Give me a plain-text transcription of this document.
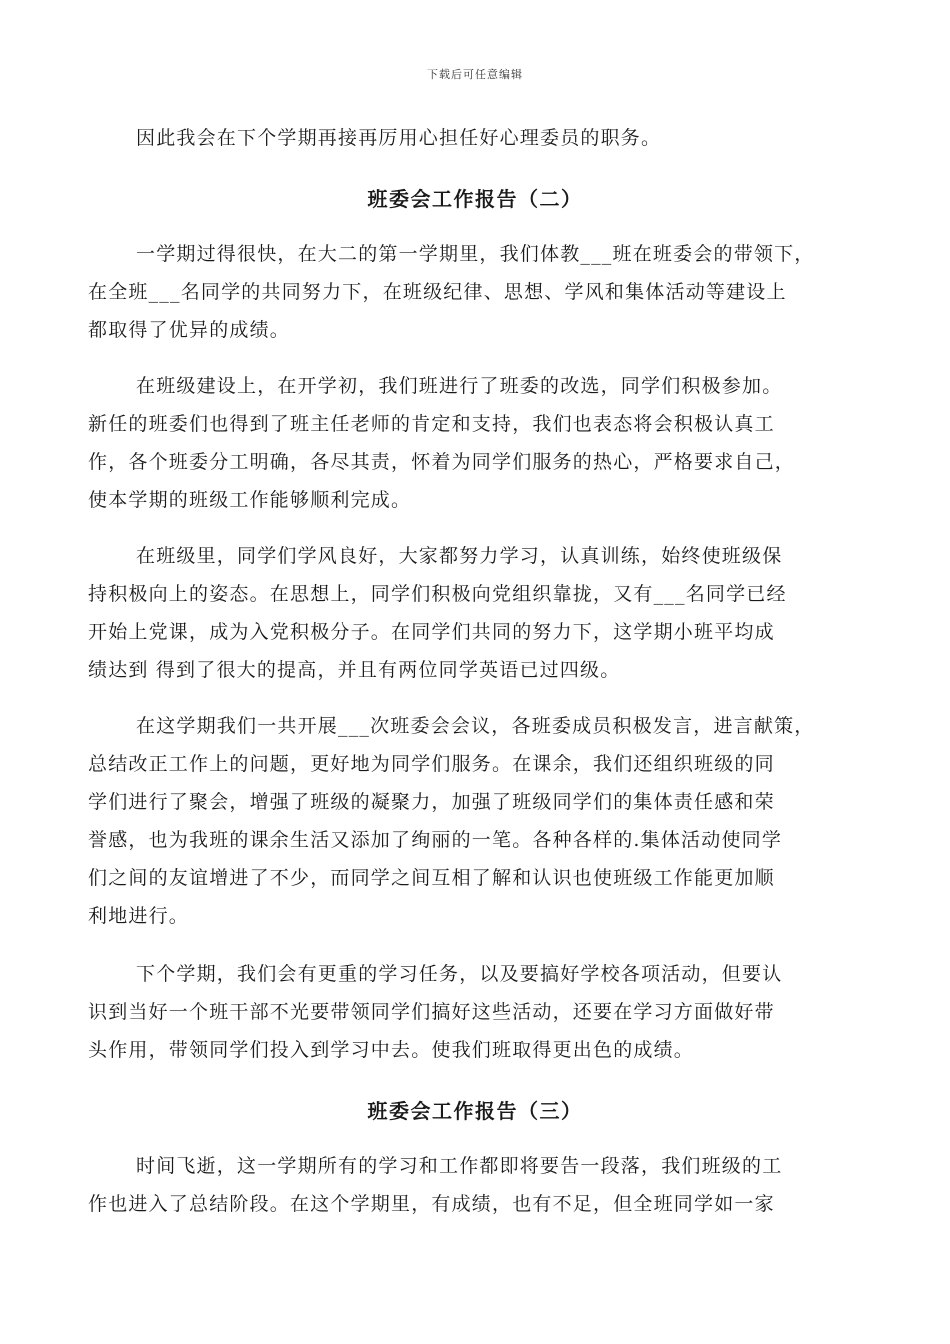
下载后可任意编辑
因此我会在下个学期再接再厉用心担任好心理委员的职务。
班委会工作报告（二）
一学期过得很快，在大二的第一学期里，我们体教___班在班委会的带领下，
在全班___名同学的共同努力下，在班级纪律、思想、学风和集体活动等建设上
都取得了优异的成绩。
在班级建设上，在开学初，我们班进行了班委的改选，同学们积极参加。
新任的班委们也得到了班主任老师的肯定和支持，我们也表态将会积极认真工
作，各个班委分工明确，各尽其责，怀着为同学们服务的热心，严格要求自己，
使本学期的班级工作能够顺利完成。
在班级里，同学们学风良好，大家都努力学习，认真训练，始终使班级保
持积极向上的姿态。在思想上，同学们积极向党组织靠拢，又有___名同学已经
开始上党课，成为入党积极分子。在同学们共同的努力下，这学期小班平均成
绩达到 得到了很大的提高，并且有两位同学英语已过四级。
在这学期我们一共开展___次班委会会议，各班委成员积极发言，进言献策，
总结改正工作上的问题，更好地为同学们服务。在课余，我们还组织班级的同
学们进行了聚会，增强了班级的凝聚力，加强了班级同学们的集体责任感和荣
誉感，也为我班的课余生活又添加了绚丽的一笔。各种各样的.集体活动使同学
们之间的友谊增进了不少，而同学之间互相了解和认识也使班级工作能更加顺
利地进行。
下个学期，我们会有更重的学习任务，以及要搞好学校各项活动，但要认
识到当好一个班干部不光要带领同学们搞好这些活动，还要在学习方面做好带
头作用，带领同学们投入到学习中去。使我们班取得更出色的成绩。
班委会工作报告（三）
时间飞逝，这一学期所有的学习和工作都即将要告一段落，我们班级的工
作也进入了总结阶段。在这个学期里，有成绩，也有不足，但全班同学如一家
